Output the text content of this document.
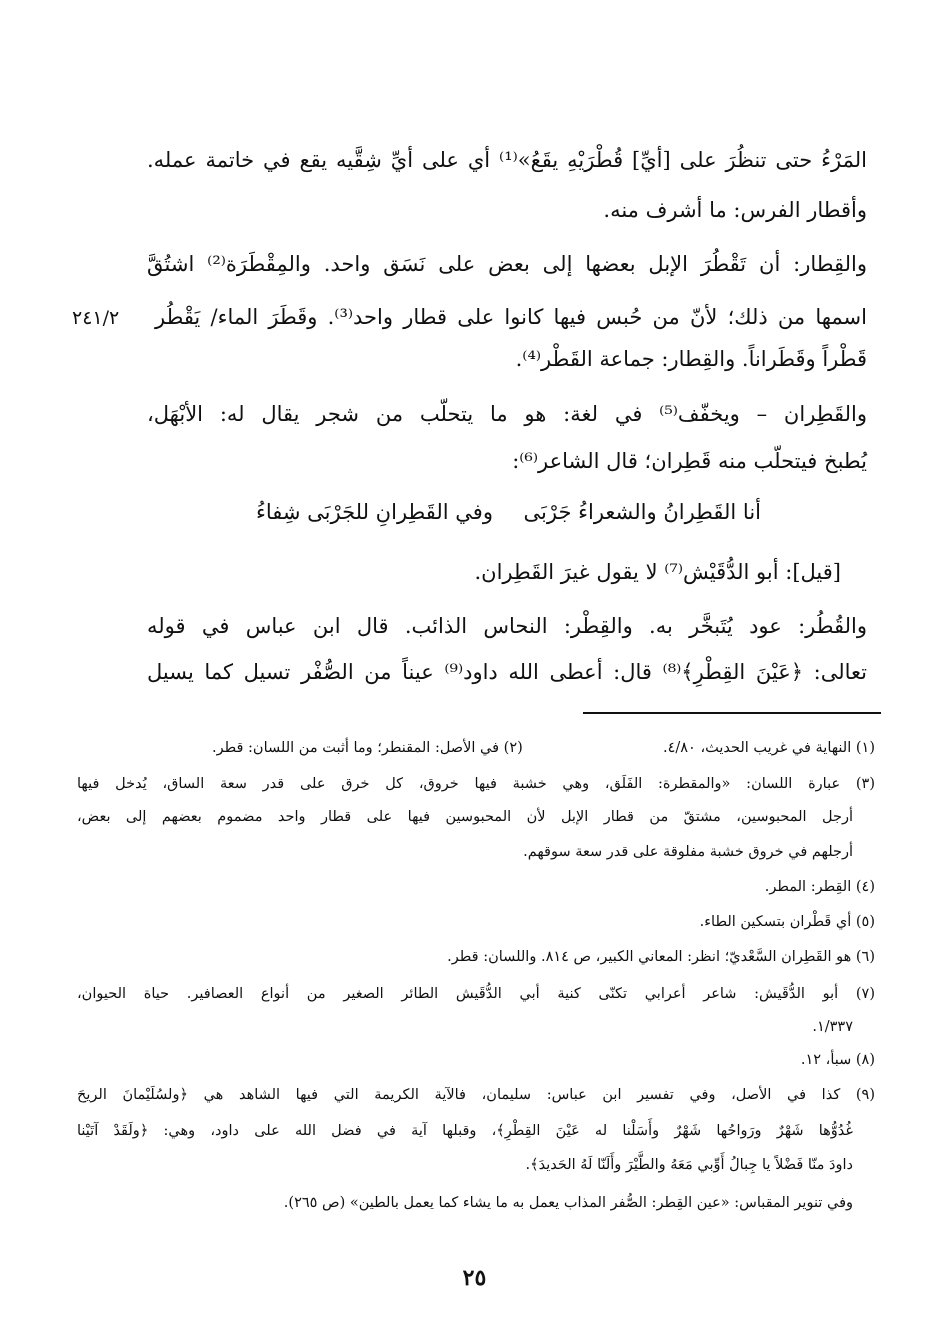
المَرْءُ حتى تنظُرَ على [أيِّ] قُطْرَيْهِ يقَعُ»⁽¹⁾ أي على أيِّ شِقَّيه يقع في خاتمة عمله.
وأقطار الفرس: ما أشرف منه.
والقِطار: أن تَقْطُرَ الإبل بعضها إلى بعض على نَسَق واحد. والمِقْطَرَة⁽²⁾ اشتُقَّ
اسمها من ذلك؛ لأنّ من حُبس فيها كانوا على قطار واحد⁽³⁾. وقَطَرَ الماء/ يَقْطُر
٢٤١/٢
قَطْراً وقَطَراناً. والقِطار: جماعة القَطْر⁽⁴⁾.
والقَطِران – ويخفّف⁽⁵⁾ في لغة: هو ما يتحلّب من شجر يقال له: الأبْهَل،
يُطبخ فيتحلّب منه قَطِران؛ قال الشاعر⁽⁶⁾:
أنا القَطِرانُ والشعراءُ جَرْبَى
وفي القَطِرانِ للجَرْبَى شِفاءُ
[قيل]: أبو الدُّقَيْش⁽⁷⁾ لا يقول غيرَ القَطِران.
والقُطُر: عود يُتَبخَّر به. والقِطْر: النحاس الذائب. قال ابن عباس في قوله
تعالى: ﴿عَيْنَ القِطْرِ﴾⁽⁸⁾ قال: أعطى الله داود⁽⁹⁾ عيناً من الصُّفْر تسيل كما يسيل
(١) النهاية في غريب الحديث، ٤/٨٠.
(٢) في الأصل: المقنطر؛ وما أثبت من اللسان: قطر.
(٣) عبارة اللسان: «والمقطرة: الفَلَق، وهي خشبة فيها خروق، كل خرق على قدر سعة الساق، يُدخل فيها
أرجل المحبوسين، مشتقّ من قطار الإبل لأن المحبوسين فيها على قطار واحد مضموم بعضهم إلى بعض،
أرجلهم في خروق خشبة مفلوقة على قدر سعة سوقهم.
(٤) القِطر: المطر.
(٥) أي قَطْران بتسكين الطاء.
(٦) هو القَطِران السَّعْديّ؛ انظر: المعاني الكبير، ص ٨١٤. واللسان: قطر.
(٧) أبو الدُّقَيش: شاعر أعرابي تكنّى كنية أبي الدُّقَيش الطائر الصغير من أنواع العصافير. حياة الحيوان،
١/٣٣٧.
(٨) سبأ، ١٢.
(٩) كذا في الأصل، وفي تفسير ابن عباس: سليمان، فالآية الكريمة التي فيها الشاهد هي ﴿ولسُلَيْمانَ الريحَ
غُدُوُّها شَهْرٌ ورَواحُها شَهْرٌ وأَسَلْنا له عَيْنَ القِطْرِ﴾، وقبلها آية في فضل الله على داود، وهي: ﴿ولَقَدْ آتَيْنا
داودَ منّا فَضْلاً يا جِبالُ أَوِّبي مَعَهُ والطَّيْرَ وأَلَنّا لَهُ الحَديدَ﴾.
وفي تنوير المقباس: «عين القِطر: الصُّفر المذاب يعمل به ما يشاء كما يعمل بالطين» (ص ٢٦٥).
٢٥
